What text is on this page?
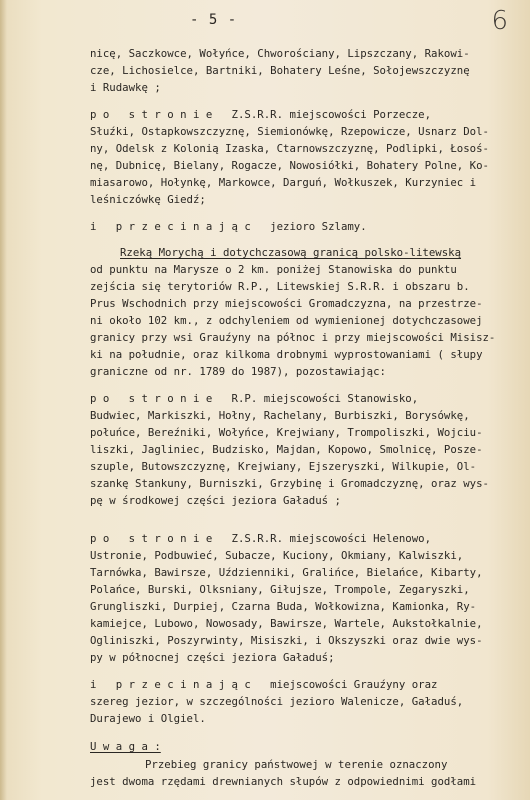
- 5 -	6
nicę, Saczkowce, Wołyńce, Chworościany, Lipszczany, Rakowi-
cze, Lichosielce, Bartniki, Bohatery Leśne, Sołojewszczyznę
i Rudawkę ;
p o   s t r o n i e   Z.S.R.R. miejscowości Porzecze,
Słuźki, Ostapkowszczyznę, Siemionówkę, Rzepowicze, Usnarz Dol-
ny, Odelsk z Kolonią Izaska, Ctarnowszczyznę, Podlipki, Łosoś-
nę, Dubnicę, Bielany, Rogacze, Nowosiółki, Bohatery Polne, Ko-
miasarowo, Hołynkę, Markowce, Darguń, Wołkuszek, Kurzyniec i
leśniczówkę Giedź;
i   p r z e c i n a j ą c   jezioro Szlamy.
Rzeką Morychą i dotychczasową granicą polsko-litewską
od punktu na Marysze o 2 km. poniżej Stanowiska do punktu
zejścia się terytoriów R.P., Litewskiej S.R.R. i obszaru b.
Prus Wschodnich przy miejscowości Gromadczyzna, na przestrze-
ni około 102 km., z odchyleniem od wymienionej dotychczasowej
granicy przy wsi Grauźyny na północ i przy miejscowości Misisz-
ki na południe, oraz kilkoma drobnymi wyprostowaniami ( słupy
graniczne od nr. 1789 do 1987), pozostawiając:
p o   s t r o n i e   R.P. miejscowości Stanowisko,
Budwiec, Markiszki, Hołny, Rachelany, Burbiszki, Borysówkę,
połuńce, Bereźniki, Wołyńce, Krejwiany, Trompoliszki, Wojciu-
liszki, Jagliniec, Budzisko, Majdan, Kopowo, Smolnicę, Posze-
szuple, Butowszczyznę, Krejwiany, Ejszeryszki, Wilkupie, Ol-
szankę Stankuny, Burniszki, Grzybinę i Gromadczyznę, oraz wys-
pę w środkowej części jeziora Gaładuś ;
p o   s t r o n i e   Z.S.R.R. miejscowości Helenowo,
Ustronie, Podbuwieć, Subacze, Kuciony, Okmiany, Kalwiszki,
Tarnówka, Bawirsze, Uździenniki, Gralińce, Bielańce, Kibarty,
Polańce, Burski, Olksniany, Giłujsze, Trompole, Zegaryszki,
Grungliszki, Durpiej, Czarna Buda, Wołkowizna, Kamionka, Ry-
kamiejce, Lubowo, Nowosady, Bawirsze, Wartele, Aukstołkalnie,
Ogliniszki, Poszyrwinty, Misiszki, i Okszyszki oraz dwie wys-
py w północnej części jeziora Gaładuś;
i   p r z e c i n a j ą c   miejscowości Grauźyny oraz
szereg jezior, w szczególności jezioro Walenicze, Gaładuś,
Durajewo i Olgiel.
U w a g a :
Przebieg granicy państwowej w terenie oznaczony
jest dwoma rzędami drewnianych słupów z odpowiednimi godłami
